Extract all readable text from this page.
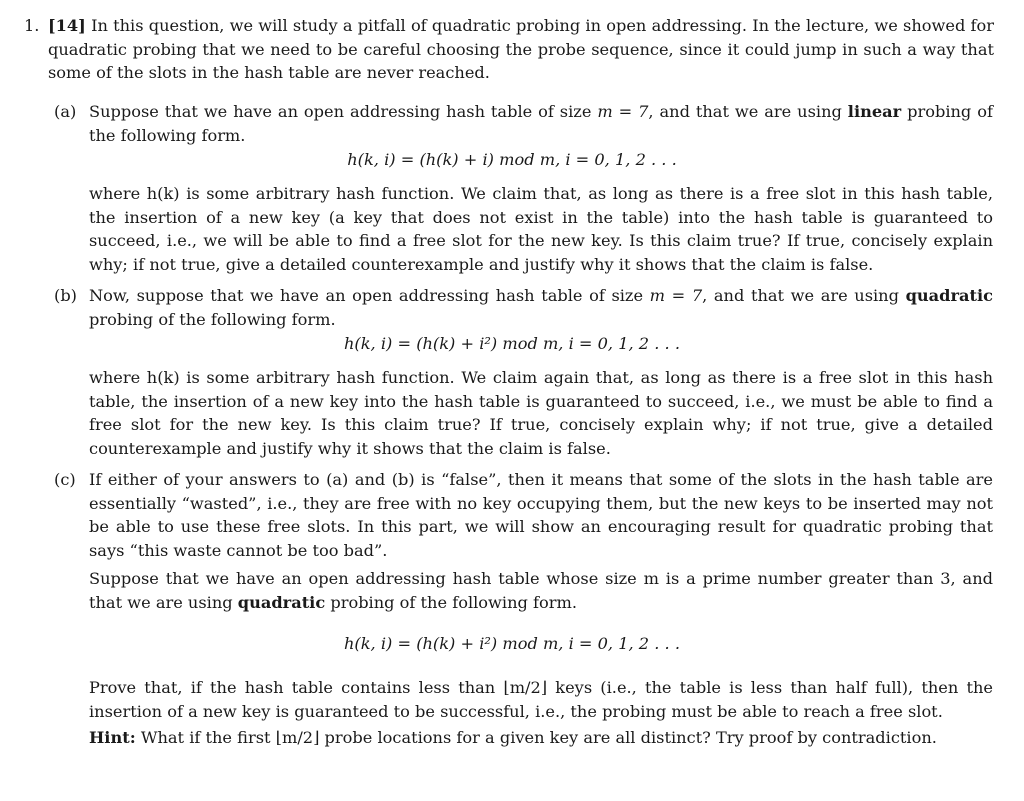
1. [14] In this question, we will study a pitfall of quadratic probing in open addressing. In the lecture, we showed for quadratic probing that we need to be careful choosing the probe sequence, since it could jump in such a way that some of the slots in the hash table are never reached.

(a) Suppose that we have an open addressing hash table of size m = 7, and that we are using linear probing of the following form.

h(k, i) = (h(k) + i) mod m, i = 0, 1, 2 . . .

where h(k) is some arbitrary hash function. We claim that, as long as there is a free slot in this hash table, the insertion of a new key (a key that does not exist in the table) into the hash table is guaranteed to succeed, i.e., we will be able to find a free slot for the new key. Is this claim true? If true, concisely explain why; if not true, give a detailed counterexample and justify why it shows that the claim is false.

(b) Now, suppose that we have an open addressing hash table of size m = 7, and that we are using quadratic probing of the following form.

h(k, i) = (h(k) + i²) mod m, i = 0, 1, 2 . . .

where h(k) is some arbitrary hash function. We claim again that, as long as there is a free slot in this hash table, the insertion of a new key into the hash table is guaranteed to succeed, i.e., we must be able to find a free slot for the new key. Is this claim true? If true, concisely explain why; if not true, give a detailed counterexample and justify why it shows that the claim is false.

(c) If either of your answers to (a) and (b) is “false”, then it means that some of the slots in the hash table are essentially “wasted”, i.e., they are free with no key occupying them, but the new keys to be inserted may not be able to use these free slots. In this part, we will show an encouraging result for quadratic probing that says “this waste cannot be too bad”.

Suppose that we have an open addressing hash table whose size m is a prime number greater than 3, and that we are using quadratic probing of the following form.

h(k, i) = (h(k) + i²) mod m, i = 0, 1, 2 . . .

Prove that, if the hash table contains less than ⌊m/2⌋ keys (i.e., the table is less than half full), then the insertion of a new key is guaranteed to be successful, i.e., the probing must be able to reach a free slot.

Hint: What if the first ⌊m/2⌋ probe locations for a given key are all distinct? Try proof by contradiction.
